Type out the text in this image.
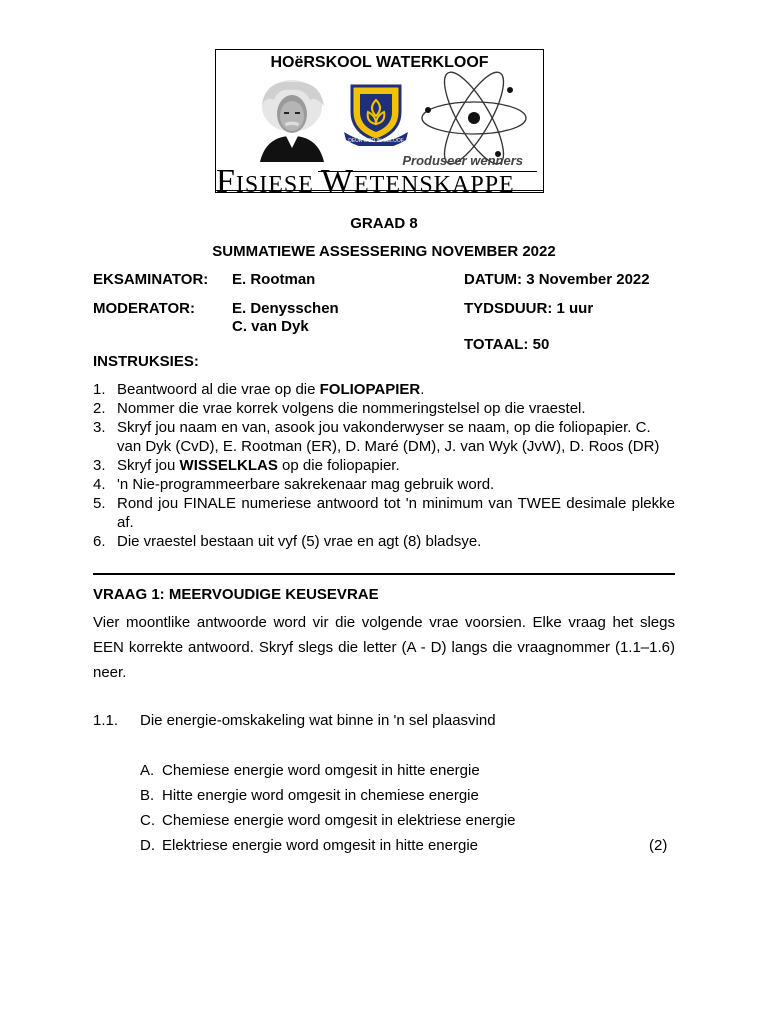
HOëRSKOOL WATERKLOOF
DEUR GOD IN GELOOF
Produseer wenners
FISIESE WETENSKAPPE
GRAAD 8
SUMMATIEWE ASSESSERING NOVEMBER 2022
EKSAMINATOR: E. Rootman	DATUM: 3 November 2022
MODERATOR: E. Denysschen
C. van Dyk
TYDSDUUR: 1 uur
TOTAAL: 50
INSTRUKSIES:
1. Beantwoord al die vrae op die FOLIOPAPIER.
2. Nommer die vrae korrek volgens die nommeringstelsel op die vraestel.
3. Skryf jou naam en van, asook jou vakonderwyser se naam, op die foliopapier. C. van Dyk (CvD), E. Rootman (ER), D. Maré (DM), J. van Wyk (JvW), D. Roos (DR)
3. Skryf jou WISSELKLAS op die foliopapier.
4. 'n Nie-programmeerbare sakrekenaar mag gebruik word.
5. Rond jou FINALE numeriese antwoord tot 'n minimum van TWEE desimale plekke af.
6. Die vraestel bestaan uit vyf (5) vrae en agt (8) bladsye.
VRAAG 1: MEERVOUDIGE KEUSEVRAE
Vier moontlike antwoorde word vir die volgende vrae voorsien. Elke vraag het slegs EEN korrekte antwoord. Skryf slegs die letter (A - D) langs die vraagnommer (1.1–1.6) neer.
1.1. Die energie-omskakeling wat binne in 'n sel plaasvind
A. Chemiese energie word omgesit in hitte energie
B. Hitte energie word omgesit in chemiese energie
C. Chemiese energie word omgesit in elektriese energie
D. Elektriese energie word omgesit in hitte energie	(2)
